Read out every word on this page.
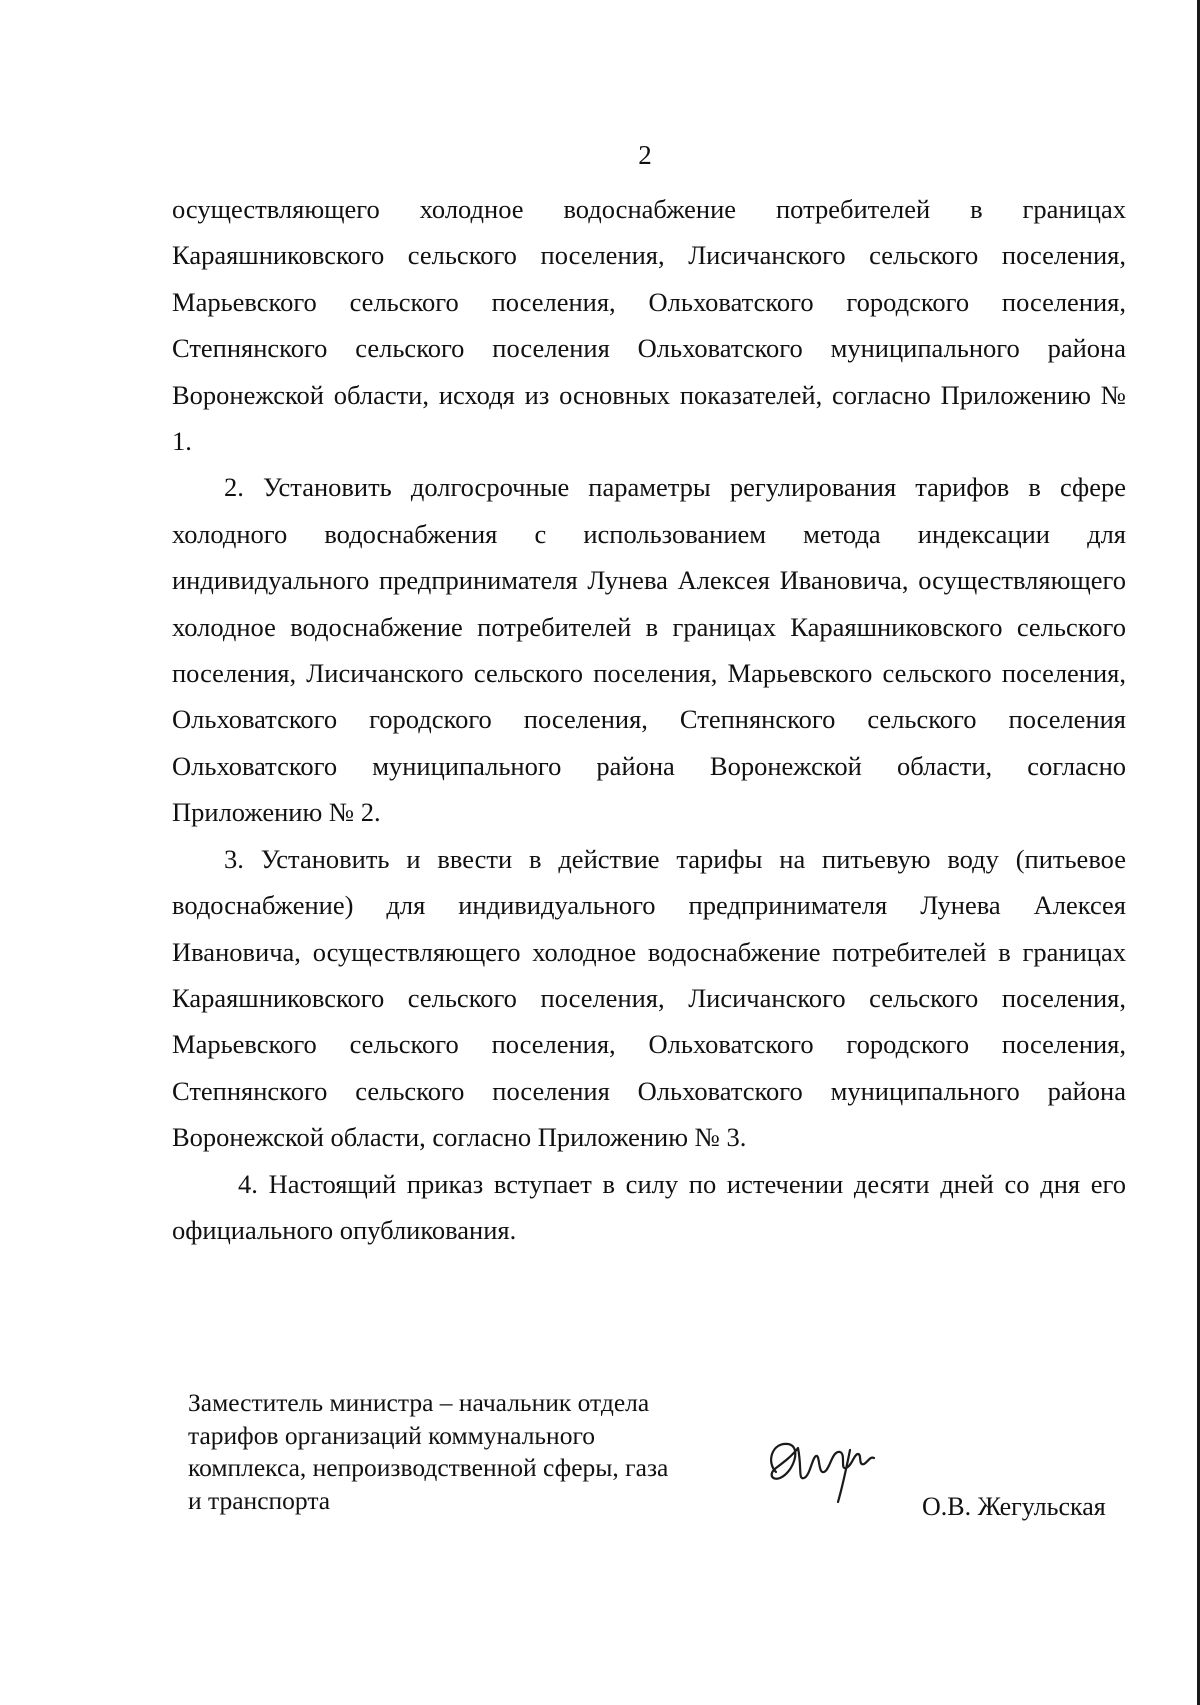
2

осуществляющего холодное водоснабжение потребителей в границах Караяшниковского сельского поселения, Лисичанского сельского поселения, Марьевского сельского поселения, Ольховатского городского поселения, Степнянского сельского поселения Ольховатского муниципального района Воронежской области, исходя из основных показателей, согласно Приложению № 1.

2. Установить долгосрочные параметры регулирования тарифов в сфере холодного водоснабжения с использованием метода индексации для индивидуального предпринимателя Лунева Алексея Ивановича, осуществляющего холодное водоснабжение потребителей в границах Караяшниковского сельского поселения, Лисичанского сельского поселения, Марьевского сельского поселения, Ольховатского городского поселения, Степнянского сельского поселения Ольховатского муниципального района Воронежской области, согласно Приложению № 2.

3. Установить и ввести в действие тарифы на питьевую воду (питьевое водоснабжение) для индивидуального предпринимателя Лунева Алексея Ивановича, осуществляющего холодное водоснабжение потребителей в границах Караяшниковского сельского поселения, Лисичанского сельского поселения, Марьевского сельского поселения, Ольховатского городского поселения, Степнянского сельского поселения Ольховатского муниципального района Воронежской области, согласно Приложению № 3.

4. Настоящий приказ вступает в силу по истечении десяти дней со дня его официального опубликования.

Заместитель министра – начальник отдела
тарифов организаций коммунального
комплекса, непроизводственной сферы, газа
и транспорта	О.В. Жегульская
